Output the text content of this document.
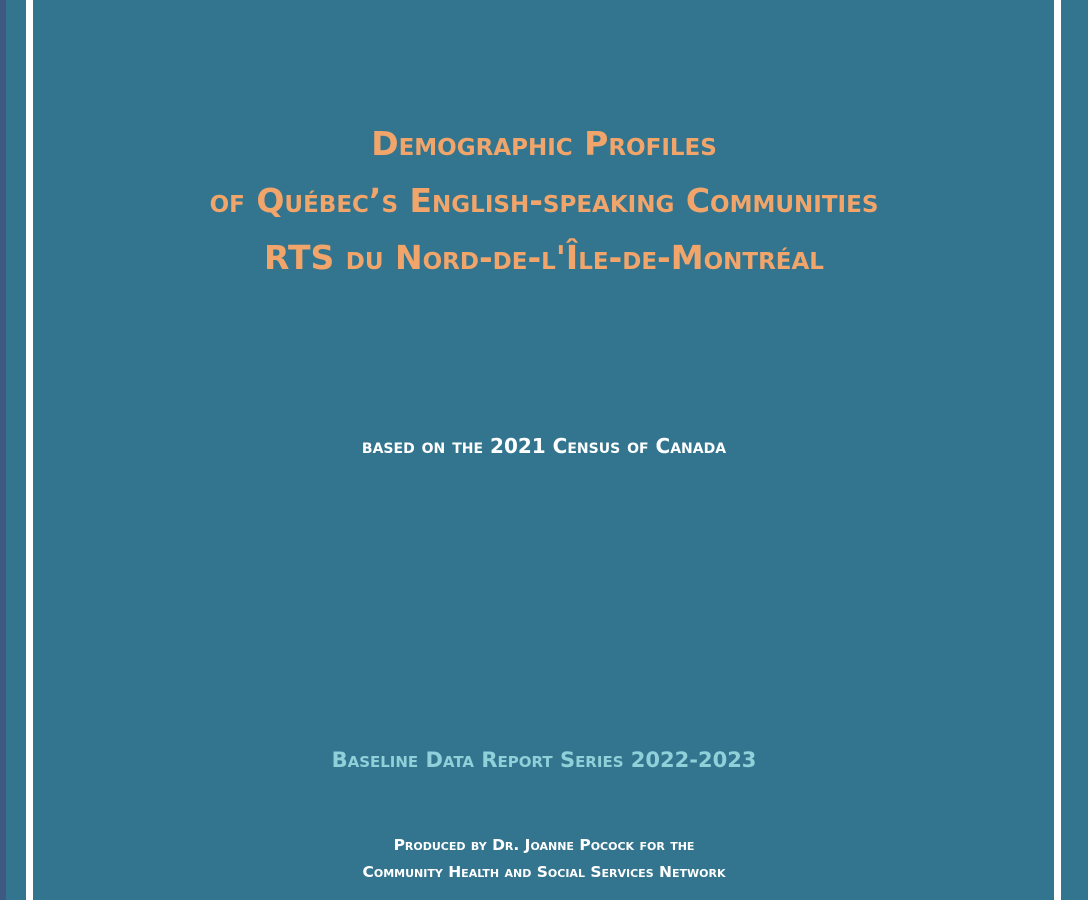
Demographic Profiles
of Québec’s English-speaking Communities
RTS du Nord-de-l'Île-de-Montréal
based on the 2021 Census of Canada
Baseline Data Report Series 2022-2023
Produced by Dr. Joanne Pocock for the
Community Health and Social Services Network
